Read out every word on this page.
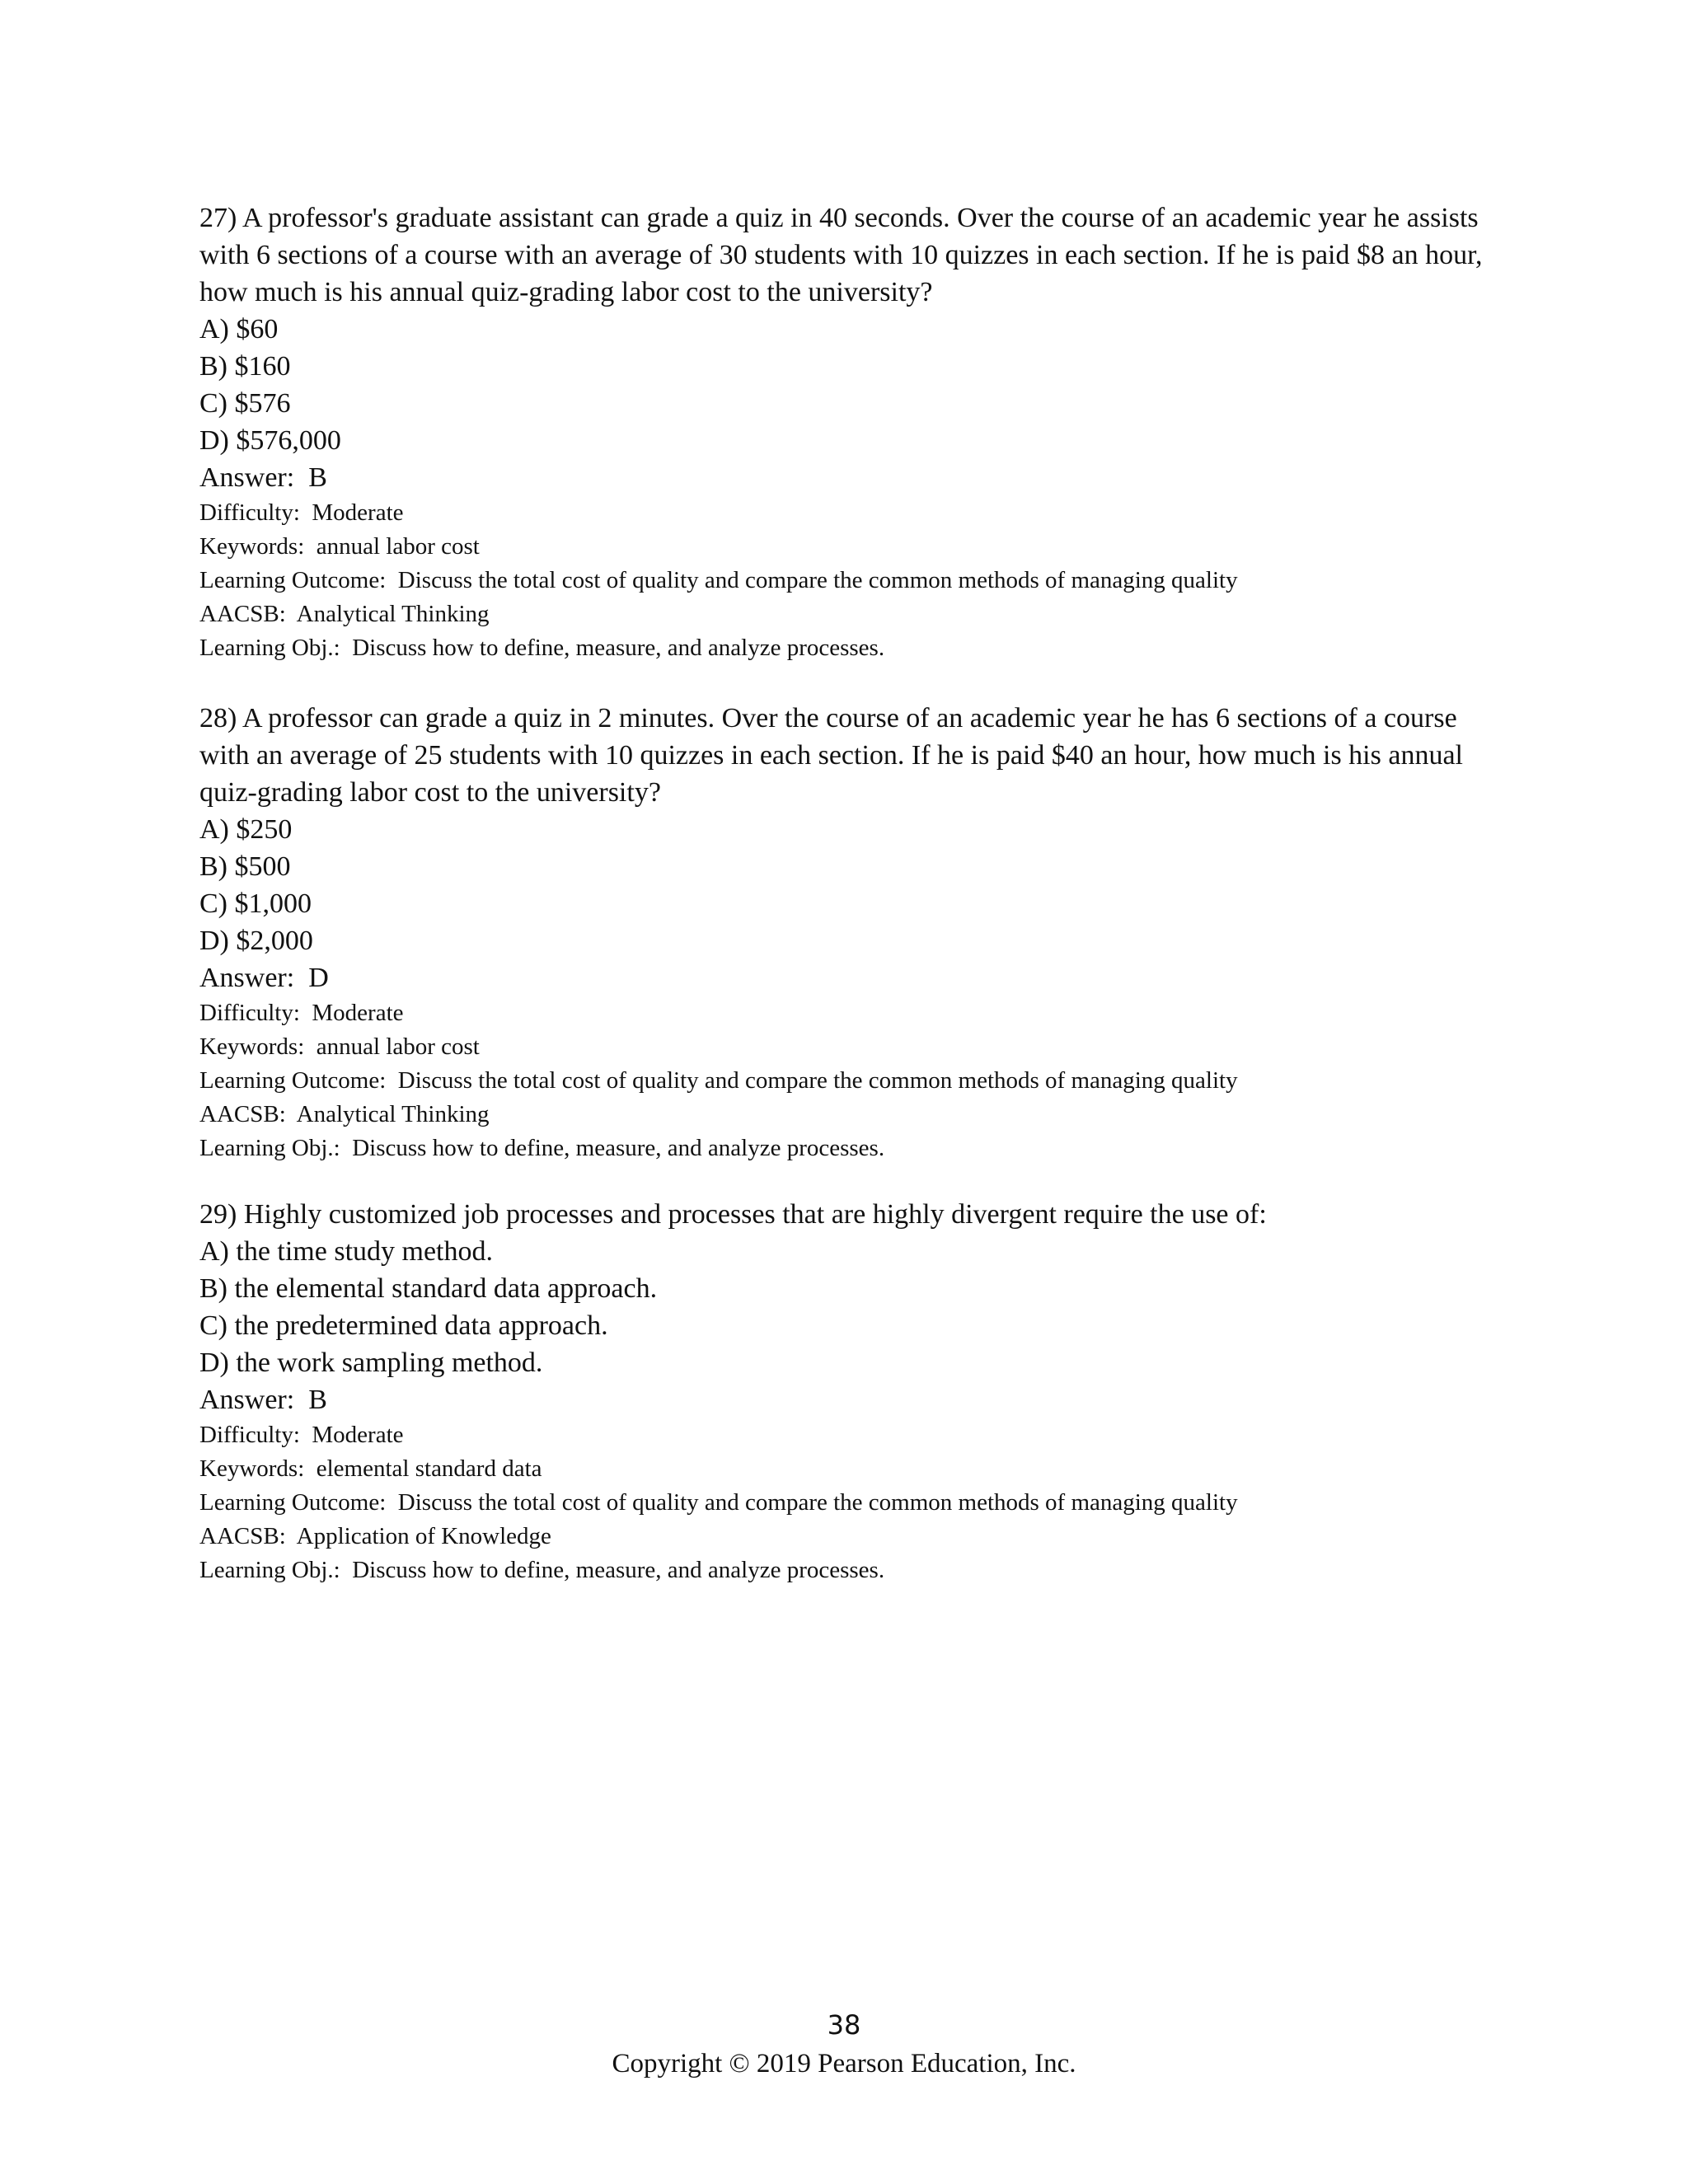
27) A professor's graduate assistant can grade a quiz in 40 seconds. Over the course of an academic year he assists with 6 sections of a course with an average of 30 students with 10 quizzes in each section. If he is paid $8 an hour, how much is his annual quiz-grading labor cost to the university?

A) $60
B) $160
C) $576
D) $576,000
Answer:  B
Difficulty:  Moderate
Keywords:  annual labor cost
Learning Outcome:  Discuss the total cost of quality and compare the common methods of managing quality
AACSB:  Analytical Thinking
Learning Obj.:  Discuss how to define, measure, and analyze processes.

28) A professor can grade a quiz in 2 minutes. Over the course of an academic year he has 6 sections of a course with an average of 25 students with 10 quizzes in each section. If he is paid $40 an hour, how much is his annual quiz-grading labor cost to the university?

A) $250
B) $500
C) $1,000
D) $2,000
Answer:  D
Difficulty:  Moderate
Keywords:  annual labor cost
Learning Outcome:  Discuss the total cost of quality and compare the common methods of managing quality
AACSB:  Analytical Thinking
Learning Obj.:  Discuss how to define, measure, and analyze processes.

29) Highly customized job processes and processes that are highly divergent require the use of:

A) the time study method.
B) the elemental standard data approach.
C) the predetermined data approach.
D) the work sampling method.
Answer:  B
Difficulty:  Moderate
Keywords:  elemental standard data
Learning Outcome:  Discuss the total cost of quality and compare the common methods of managing quality
AACSB:  Application of Knowledge
Learning Obj.:  Discuss how to define, measure, and analyze processes.
38
Copyright © 2019 Pearson Education, Inc.
